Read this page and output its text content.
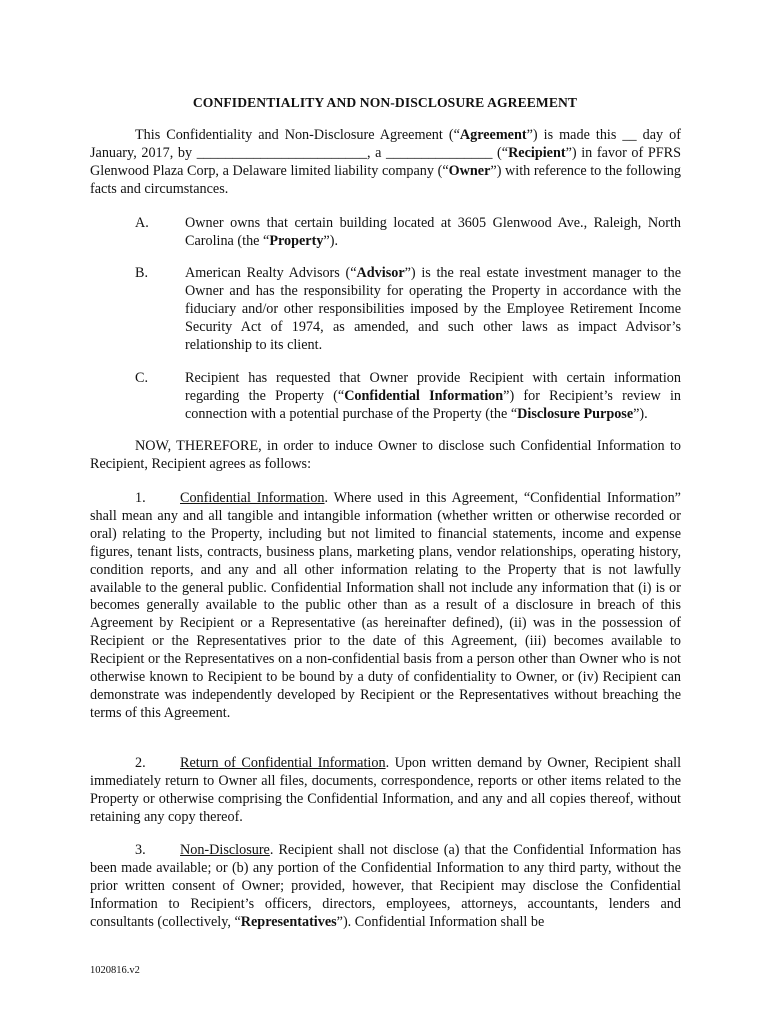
CONFIDENTIALITY AND NON-DISCLOSURE AGREEMENT
This Confidentiality and Non-Disclosure Agreement (“Agreement”) is made this __ day of January, 2017, by ________________________, a _______________ (“Recipient”) in favor of PFRS Glenwood Plaza Corp, a Delaware limited liability company (“Owner”) with reference to the following facts and circumstances.
A.	Owner owns that certain building located at 3605 Glenwood Ave., Raleigh, North Carolina (the “Property”).
B.	American Realty Advisors (“Advisor”) is the real estate investment manager to the Owner and has the responsibility for operating the Property in accordance with the fiduciary and/or other responsibilities imposed by the Employee Retirement Income Security Act of 1974, as amended, and such other laws as impact Advisor’s relationship to its client.
C.	Recipient has requested that Owner provide Recipient with certain information regarding the Property (“Confidential Information”) for Recipient’s review in connection with a potential purchase of the Property (the “Disclosure Purpose”).
NOW, THEREFORE, in order to induce Owner to disclose such Confidential Information to Recipient, Recipient agrees as follows:
1. Confidential Information. Where used in this Agreement, “Confidential Information” shall mean any and all tangible and intangible information (whether written or otherwise recorded or oral) relating to the Property, including but not limited to financial statements, income and expense figures, tenant lists, contracts, business plans, marketing plans, vendor relationships, operating history, condition reports, and any and all other information relating to the Property that is not lawfully available to the general public. Confidential Information shall not include any information that (i) is or becomes generally available to the public other than as a result of a disclosure in breach of this Agreement by Recipient or a Representative (as hereinafter defined), (ii) was in the possession of Recipient or the Representatives prior to the date of this Agreement, (iii) becomes available to Recipient or the Representatives on a non-confidential basis from a person other than Owner who is not otherwise known to Recipient to be bound by a duty of confidentiality to Owner, or (iv) Recipient can demonstrate was independently developed by Recipient or the Representatives without breaching the terms of this Agreement.
2. Return of Confidential Information. Upon written demand by Owner, Recipient shall immediately return to Owner all files, documents, correspondence, reports or other items related to the Property or otherwise comprising the Confidential Information, and any and all copies thereof, without retaining any copy thereof.
3. Non-Disclosure. Recipient shall not disclose (a) that the Confidential Information has been made available; or (b) any portion of the Confidential Information to any third party, without the prior written consent of Owner; provided, however, that Recipient may disclose the Confidential Information to Recipient’s officers, directors, employees, attorneys, accountants, lenders and consultants (collectively, “Representatives”). Confidential Information shall be
1020816.v2
